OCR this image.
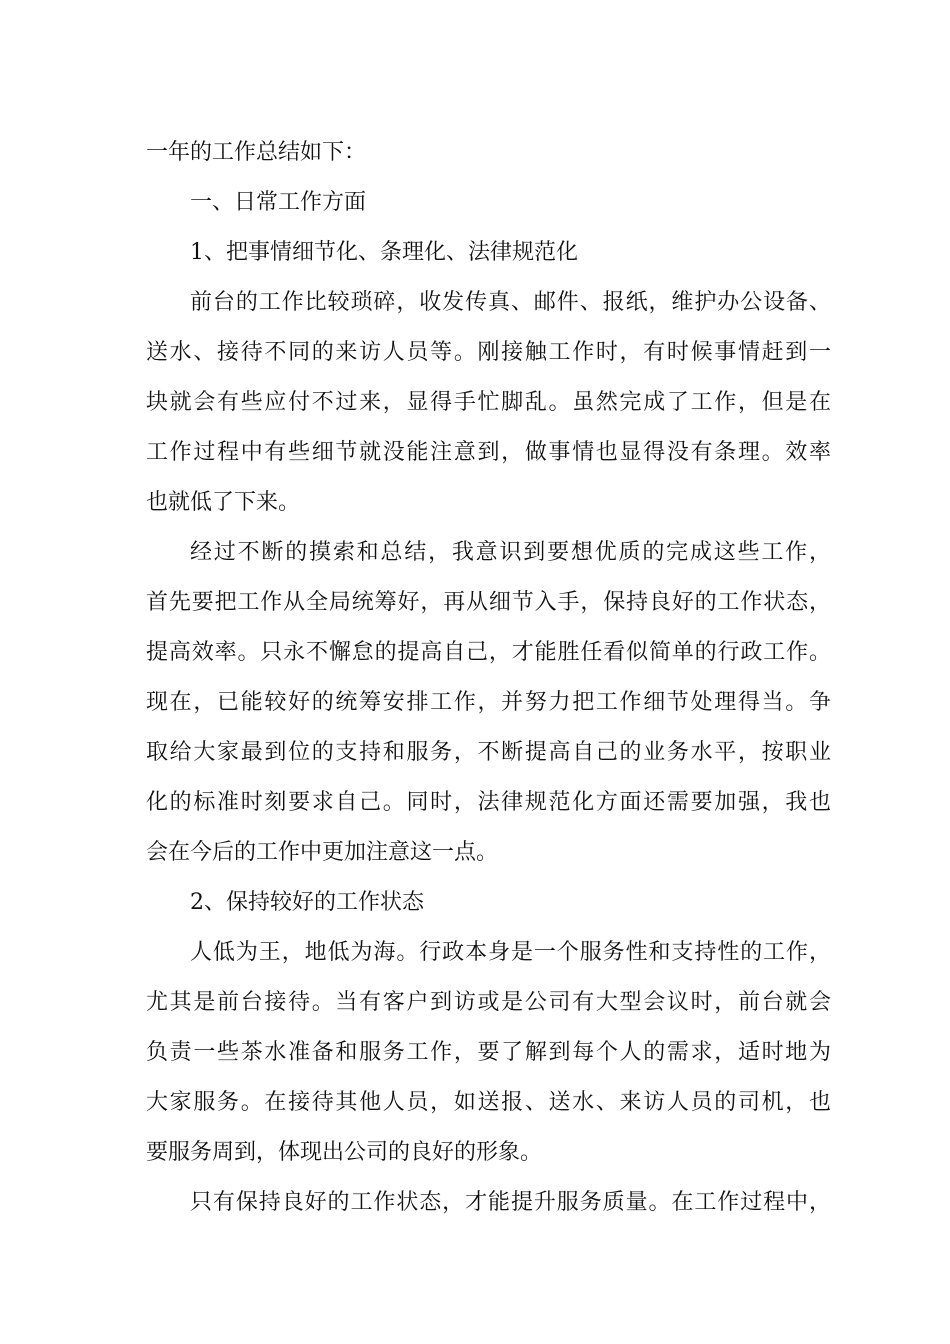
一年的工作总结如下：
一、日常工作方面
1、把事情细节化、条理化、法律规范化
前台的工作比较琐碎，收发传真、邮件、报纸，维护办公设备、
送水、接待不同的来访人员等。刚接触工作时，有时候事情赶到一
块就会有些应付不过来，显得手忙脚乱。虽然完成了工作，但是在
工作过程中有些细节就没能注意到，做事情也显得没有条理。效率
也就低了下来。
经过不断的摸索和总结，我意识到要想优质的完成这些工作，
首先要把工作从全局统筹好，再从细节入手，保持良好的工作状态，
提高效率。只永不懈怠的提高自己，才能胜任看似简单的行政工作。
现在，已能较好的统筹安排工作，并努力把工作细节处理得当。争
取给大家最到位的支持和服务，不断提高自己的业务水平，按职业
化的标准时刻要求自己。同时，法律规范化方面还需要加强，我也
会在今后的工作中更加注意这一点。
2、保持较好的工作状态
人低为王，地低为海。行政本身是一个服务性和支持性的工作，
尤其是前台接待。当有客户到访或是公司有大型会议时，前台就会
负责一些茶水准备和服务工作，要了解到每个人的需求，适时地为
大家服务。在接待其他人员，如送报、送水、来访人员的司机，也
要服务周到，体现出公司的良好的形象。
只有保持良好的工作状态，才能提升服务质量。在工作过程中，
